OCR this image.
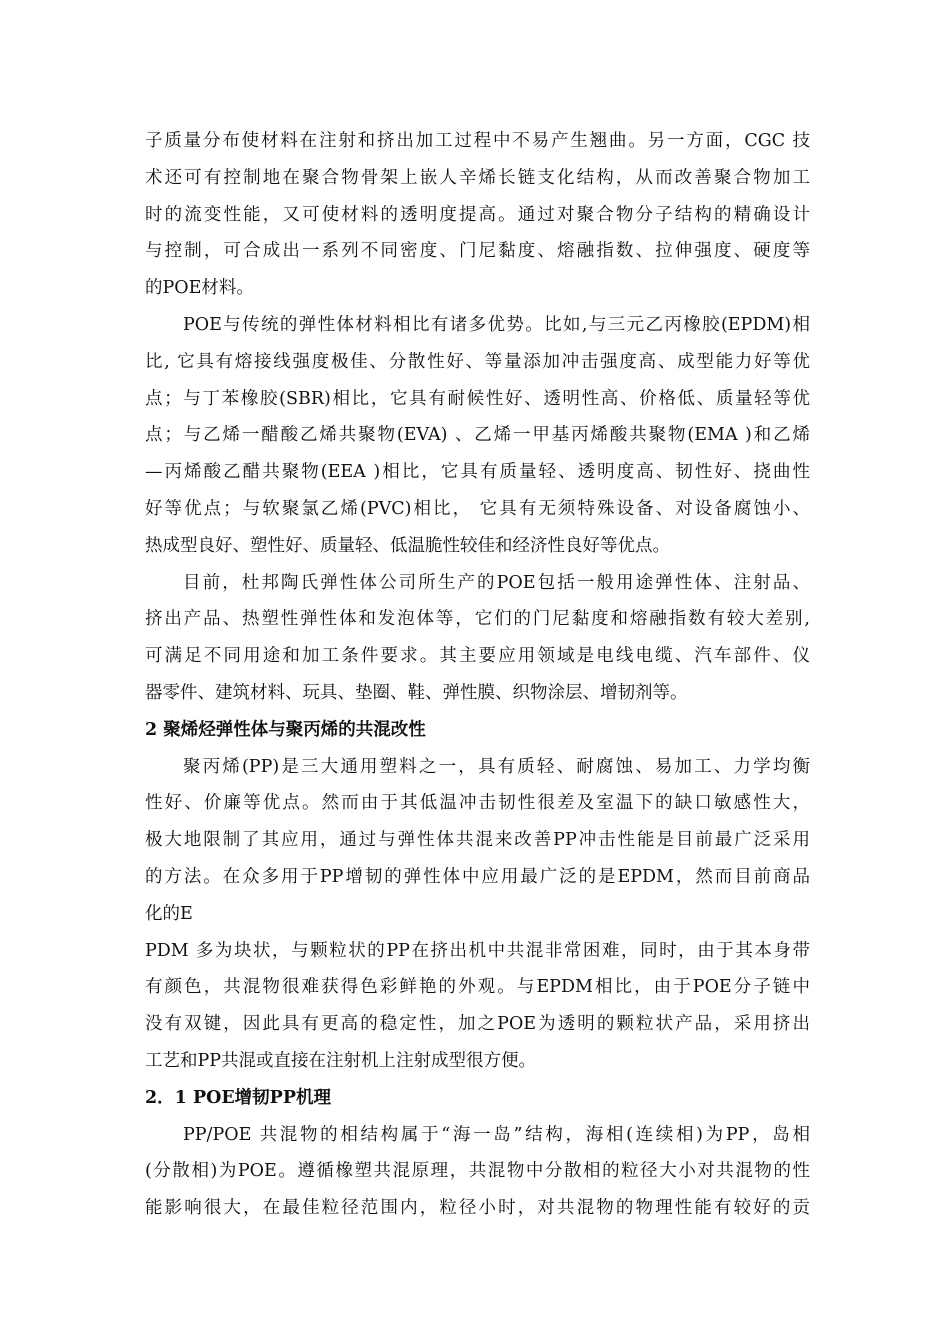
子质量分布使材料在注射和挤出加工过程中不易产生翘曲。另一方面，CGC 技
术还可有控制地在聚合物骨架上嵌人辛烯长链支化结构，从而改善聚合物加工
时的流变性能，又可使材料的透明度提高。通过对聚合物分子结构的精确设计
与控制，可合成出一系列不同密度、门尼黏度、熔融指数、拉伸强度、硬度等
的POE材料。
POE与传统的弹性体材料相比有诸多优势。比如,与三元乙丙橡胶(EPDM)相
比, 它具有熔接线强度极佳、分散性好、等量添加冲击强度高、成型能力好等优
点；与丁苯橡胶(SBR)相比，它具有耐候性好、透明性高、价格低、质量轻等优
点；与乙烯一醋酸乙烯共聚物(EVA) 、乙烯一甲基丙烯酸共聚物(EMA )和乙烯
—丙烯酸乙醋共聚物(EEA )相比，它具有质量轻、透明度高、韧性好、挠曲性
好等优点；与软聚氯乙烯(PVC)相比， 它具有无须特殊设备、对设备腐蚀小、
热成型良好、塑性好、质量轻、低温脆性较佳和经济性良好等优点。
目前，杜邦陶氏弹性体公司所生产的POE包括一般用途弹性体、注射品、
挤出产品、热塑性弹性体和发泡体等，它们的门尼黏度和熔融指数有较大差别,
可满足不同用途和加工条件要求。其主要应用领域是电线电缆、汽车部件、仪
器零件、建筑材料、玩具、垫圈、鞋、弹性膜、织物涂层、增韧剂等。
2 聚烯烃弹性体与聚丙烯的共混改性
聚丙烯(PP)是三大通用塑料之一，具有质轻、耐腐蚀、易加工、力学均衡
性好、价廉等优点。然而由于其低温冲击韧性很差及室温下的缺口敏感性大，
极大地限制了其应用，通过与弹性体共混来改善PP冲击性能是目前最广泛采用
的方法。在众多用于PP增韧的弹性体中应用最广泛的是EPDM，然而目前商品
化的E
PDM 多为块状，与颗粒状的PP在挤出机中共混非常困难，同时，由于其本身带
有颜色，共混物很难获得色彩鲜艳的外观。与EPDM相比，由于POE分子链中
没有双键，因此具有更高的稳定性，加之POE为透明的颗粒状产品，采用挤出
工艺和PP共混或直接在注射机上注射成型很方便。
2．1 POE增韧PP机理
PP/POE 共混物的相结构属于“海一岛”结构，海相(连续相)为PP，岛相
(分散相)为POE。遵循橡塑共混原理，共混物中分散相的粒径大小对共混物的性
能影响很大，在最佳粒径范围内，粒径小时，对共混物的物理性能有较好的贡
